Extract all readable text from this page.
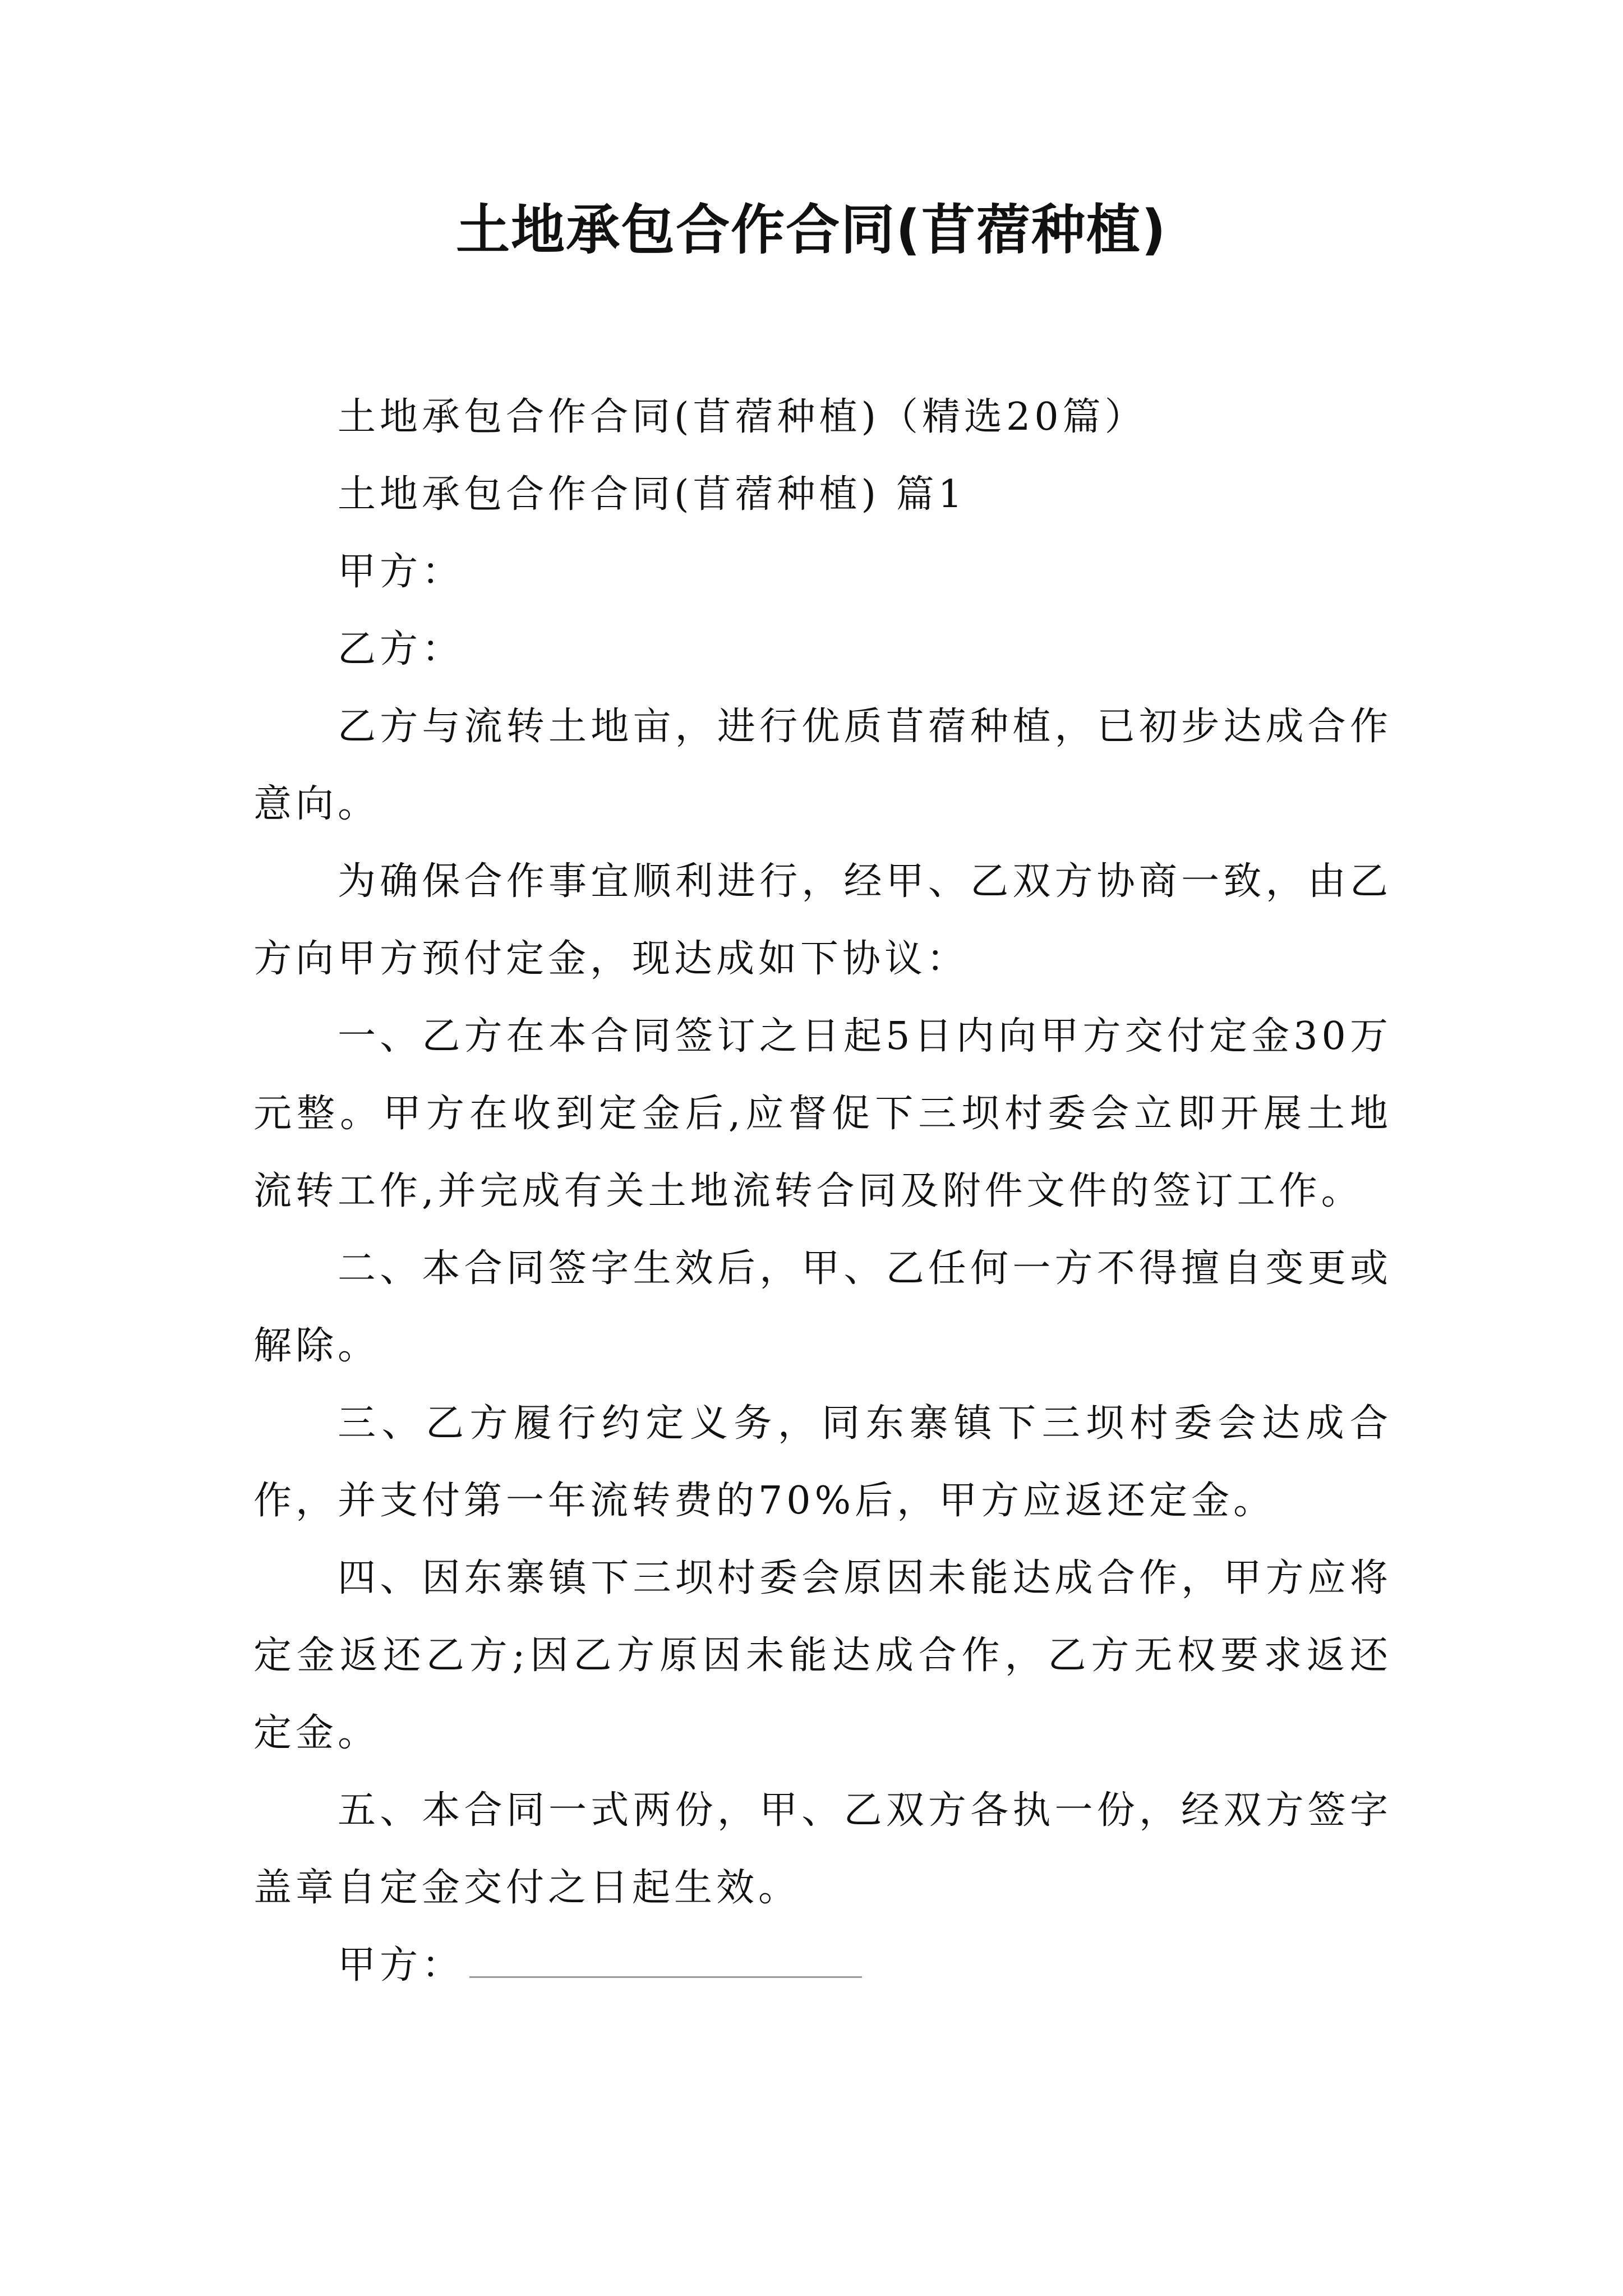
土地承包合作合同(苜蓿种植)

土地承包合作合同(苜蓿种植)（精选20篇）

土地承包合作合同(苜蓿种植) 篇1

甲方：

乙方：

乙方与流转土地亩，进行优质苜蓿种植，已初步达成合作意向。

为确保合作事宜顺利进行，经甲、乙双方协商一致，由乙方向甲方预付定金，现达成如下协议：

一、乙方在本合同签订之日起5日内向甲方交付定金30万元整。甲方在收到定金后,应督促下三坝村委会立即开展土地流转工作,并完成有关土地流转合同及附件文件的签订工作。

二、本合同签字生效后，甲、乙任何一方不得擅自变更或解除。

三、乙方履行约定义务，同东寨镇下三坝村委会达成合作，并支付第一年流转费的70%后，甲方应返还定金。

四、因东寨镇下三坝村委会原因未能达成合作，甲方应将定金返还乙方;因乙方原因未能达成合作，乙方无权要求返还定金。

五、本合同一式两份，甲、乙双方各执一份，经双方签字盖章自定金交付之日起生效。

甲方：
